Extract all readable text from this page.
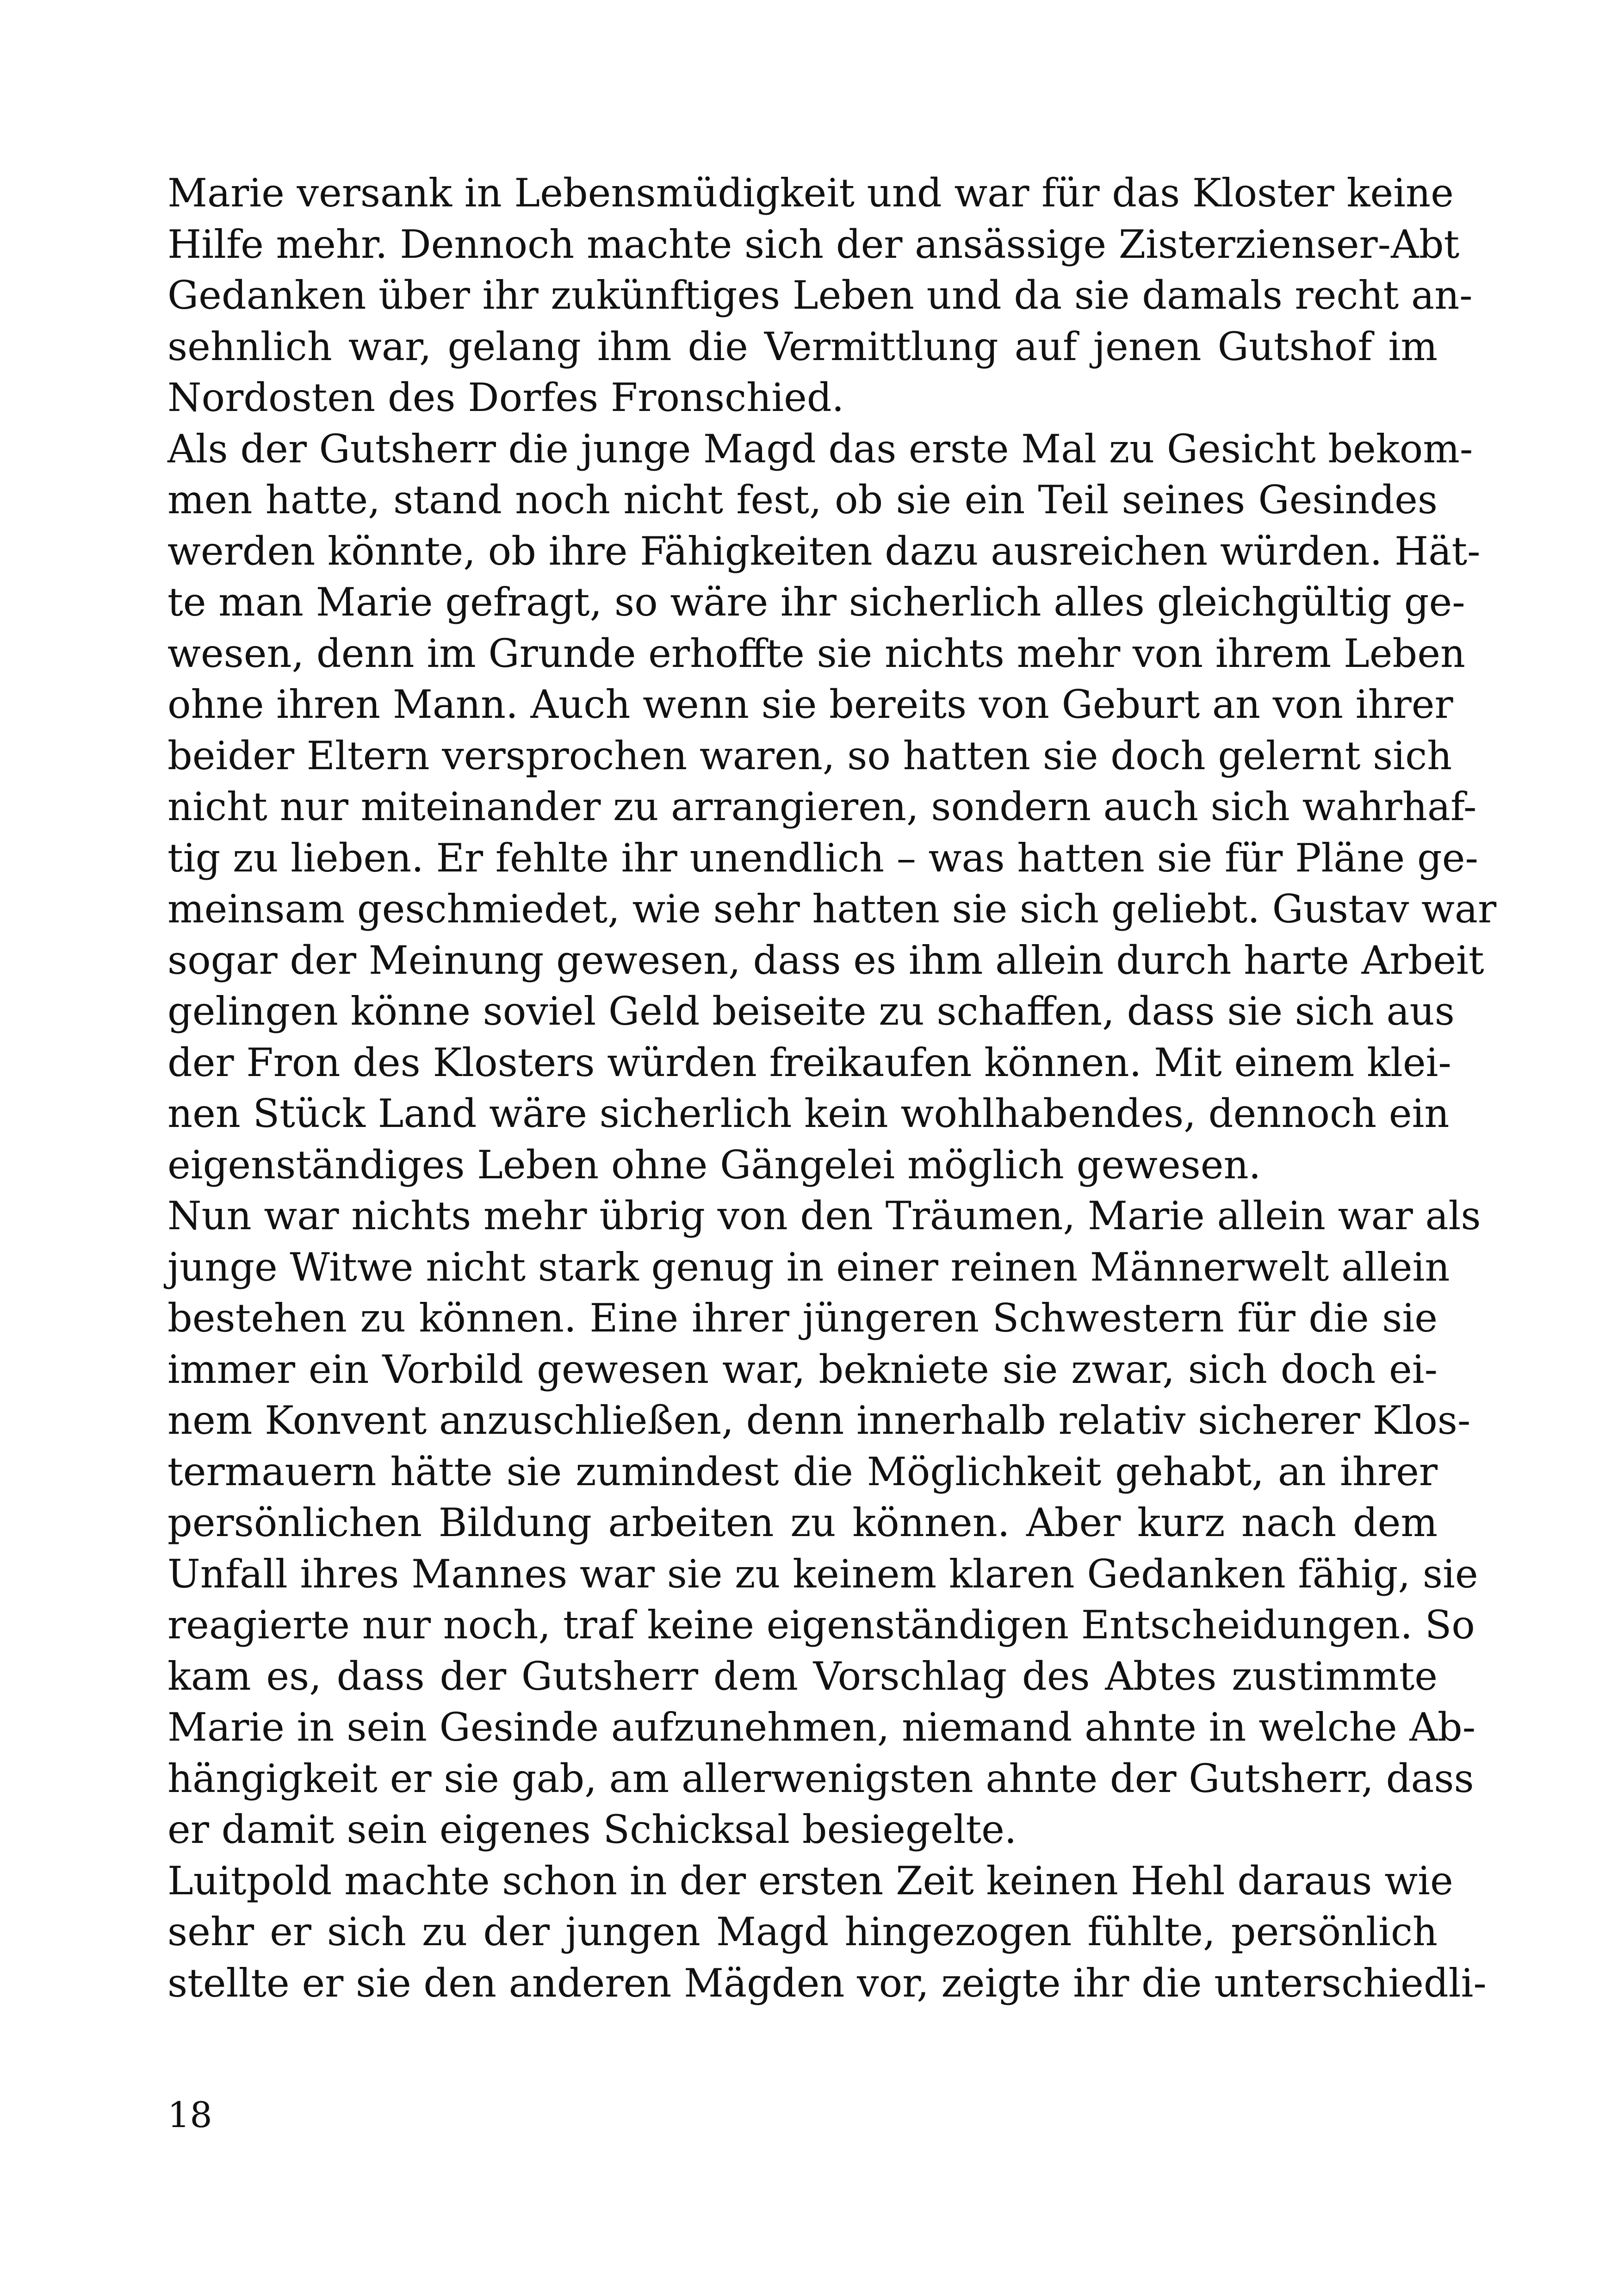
Marie versank in Lebensmüdigkeit und war für das Kloster keine
Hilfe mehr. Dennoch machte sich der ansässige Zisterzienser-Abt
Gedanken über ihr zukünftiges Leben und da sie damals recht an-
sehnlich war, gelang ihm die Vermittlung auf jenen Gutshof im
Nordosten des Dorfes Fronschied.
Als der Gutsherr die junge Magd das erste Mal zu Gesicht bekom-
men hatte, stand noch nicht fest, ob sie ein Teil seines Gesindes
werden könnte, ob ihre Fähigkeiten dazu ausreichen würden. Hät-
te man Marie gefragt, so wäre ihr sicherlich alles gleichgültig ge-
wesen, denn im Grunde erhoffte sie nichts mehr von ihrem Leben
ohne ihren Mann. Auch wenn sie bereits von Geburt an von ihrer
beider Eltern versprochen waren, so hatten sie doch gelernt sich
nicht nur miteinander zu arrangieren, sondern auch sich wahrhaf-
tig zu lieben. Er fehlte ihr unendlich – was hatten sie für Pläne ge-
meinsam geschmiedet, wie sehr hatten sie sich geliebt. Gustav war
sogar der Meinung gewesen, dass es ihm allein durch harte Arbeit
gelingen könne soviel Geld beiseite zu schaffen, dass sie sich aus
der Fron des Klosters würden freikaufen können. Mit einem klei-
nen Stück Land wäre sicherlich kein wohlhabendes, dennoch ein
eigenständiges Leben ohne Gängelei möglich gewesen.
Nun war nichts mehr übrig von den Träumen, Marie allein war als
junge Witwe nicht stark genug in einer reinen Männerwelt allein
bestehen zu können. Eine ihrer jüngeren Schwestern für die sie
immer ein Vorbild gewesen war, bekniete sie zwar, sich doch ei-
nem Konvent anzuschließen, denn innerhalb relativ sicherer Klos-
termauern hätte sie zumindest die Möglichkeit gehabt, an ihrer
persönlichen Bildung arbeiten zu können. Aber kurz nach dem
Unfall ihres Mannes war sie zu keinem klaren Gedanken fähig, sie
reagierte nur noch, traf keine eigenständigen Entscheidungen. So
kam es, dass der Gutsherr dem Vorschlag des Abtes zustimmte
Marie in sein Gesinde aufzunehmen, niemand ahnte in welche Ab-
hängigkeit er sie gab, am allerwenigsten ahnte der Gutsherr, dass
er damit sein eigenes Schicksal besiegelte.
Luitpold machte schon in der ersten Zeit keinen Hehl daraus wie
sehr er sich zu der jungen Magd hingezogen fühlte, persönlich
stellte er sie den anderen Mägden vor, zeigte ihr die unterschiedli-
18
